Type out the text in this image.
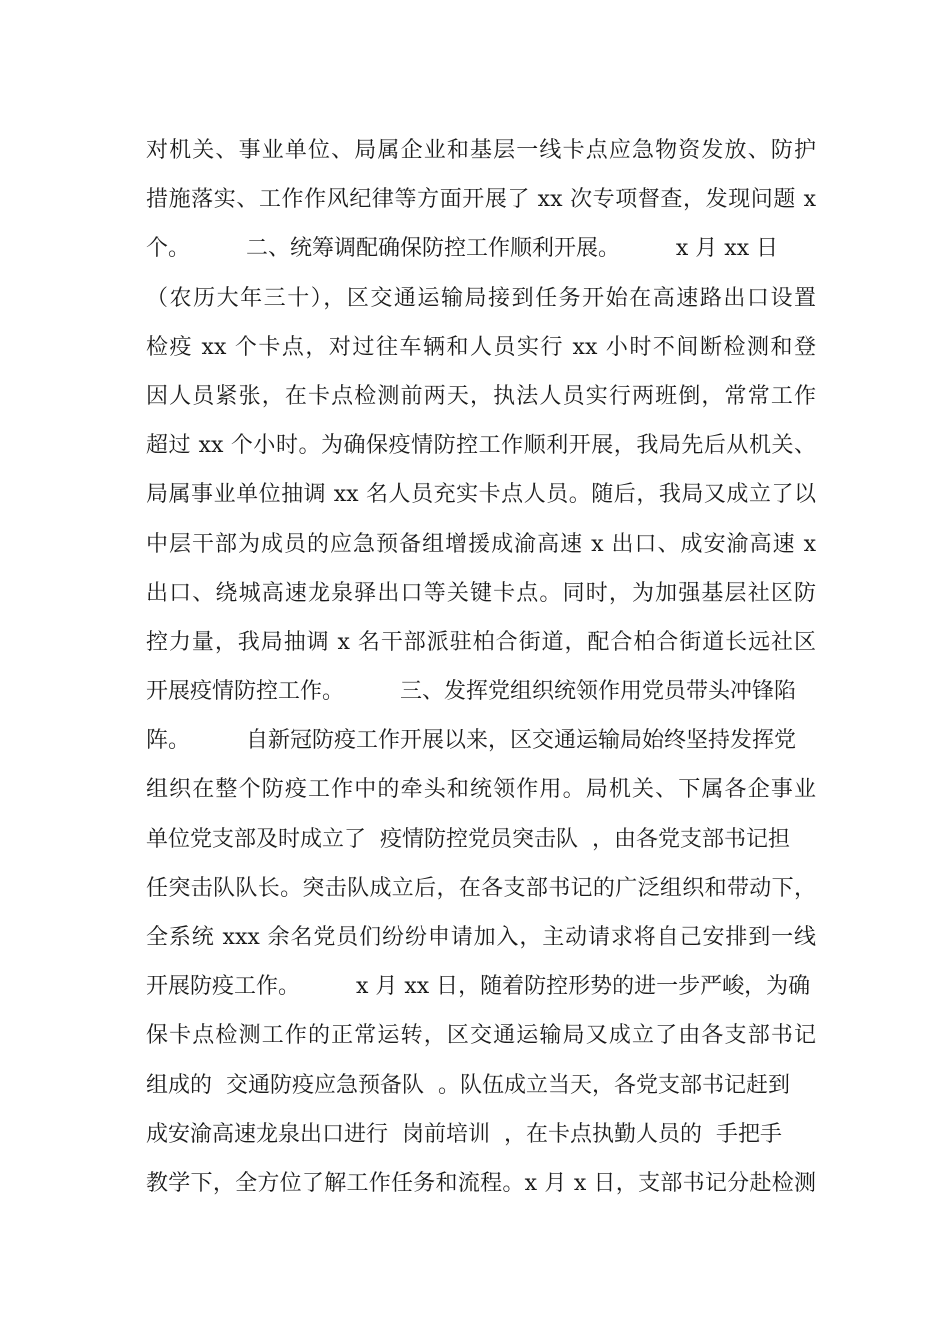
对机关、事业单位、局属企业和基层一线卡点应急物资发放、防护
措施落实、工作作风纪律等方面开展了 xx 次专项督查，发现问题 x
个。        二、统筹调配确保防控工作顺利开展。        x 月 xx 日
（农历大年三十），区交通运输局接到任务开始在高速路出口设置
检疫 xx 个卡点，对过往车辆和人员实行 xx 小时不间断检测和登
因人员紧张，在卡点检测前两天，执法人员实行两班倒，常常工作
超过 xx 个小时。为确保疫情防控工作顺利开展，我局先后从机关、
局属事业单位抽调 xx 名人员充实卡点人员。随后，我局又成立了以
中层干部为成员的应急预备组增援成渝高速 x 出口、成安渝高速 x
出口、绕城高速龙泉驿出口等关键卡点。同时，为加强基层社区防
控力量，我局抽调 x 名干部派驻柏合街道，配合柏合街道长远社区
开展疫情防控工作。        三、发挥党组织统领作用党员带头冲锋陷
阵。        自新冠防疫工作开展以来，区交通运输局始终坚持发挥党
组织在整个防疫工作中的牵头和统领作用。局机关、下属各企事业
单位党支部及时成立了  疫情防控党员突击队  ，由各党支部书记担
任突击队队长。突击队成立后，在各支部书记的广泛组织和带动下，
全系统 xxx 余名党员们纷纷申请加入，主动请求将自己安排到一线
开展防疫工作。        x 月 xx 日，随着防控形势的进一步严峻，为确
保卡点检测工作的正常运转，区交通运输局又成立了由各支部书记
组成的  交通防疫应急预备队  。队伍成立当天，各党支部书记赶到
成安渝高速龙泉出口进行  岗前培训  ，在卡点执勤人员的  手把手
教学下，全方位了解工作任务和流程。x 月 x 日，支部书记分赴检测
